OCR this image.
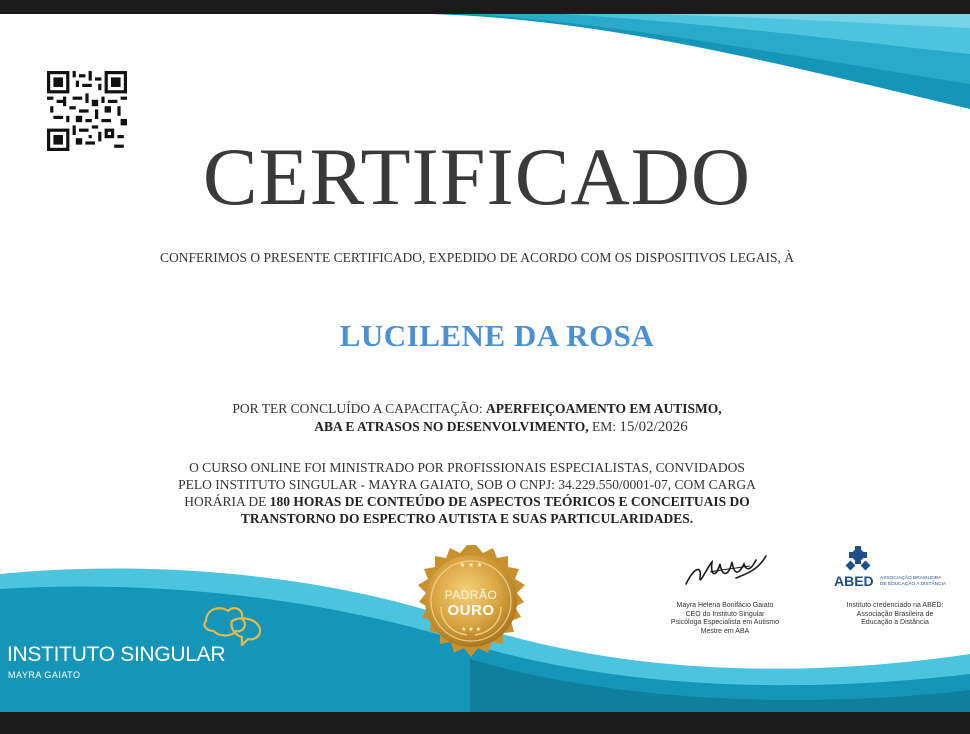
CERTIFICADO
CONFERIMOS O PRESENTE CERTIFICADO, EXPEDIDO DE ACORDO COM OS DISPOSITIVOS LEGAIS, À
LUCILENE DA ROSA
POR TER CONCLUÍDO A CAPACITAÇÃO: APERFEIÇOAMENTO EM AUTISMO,
ABA E ATRASOS NO DESENVOLVIMENTO, EM: 15/02/2026
O CURSO ONLINE FOI MINISTRADO POR PROFISSIONAIS ESPECIALISTAS, CONVIDADOS
PELO INSTITUTO SINGULAR - MAYRA GAIATO, SOB O CNPJ: 34.229.550/0001-07, COM CARGA
HORÁRIA DE 180 HORAS DE CONTEÚDO DE ASPECTOS TEÓRICOS E CONCEITUAIS DO
TRANSTORNO DO ESPECTRO AUTISTA E SUAS PARTICULARIDADES.
★ ★ ★
PADRÃO
OURO
★ ★ ★
Mayra Helena Bonifácio Gaiato
CEO do Instituto Singular
Psicóloga Especialista em Autismo
Mestre em ABA
ABED ASSOCIAÇÃO BRASILEIRA
DE EDUCAÇÃO A DISTÂNCIA
Instituto credenciado na ABED:
Associação Brasileira de
Educação a Distância
INSTITUTO SINGULAR
MAYRA GAIATO
